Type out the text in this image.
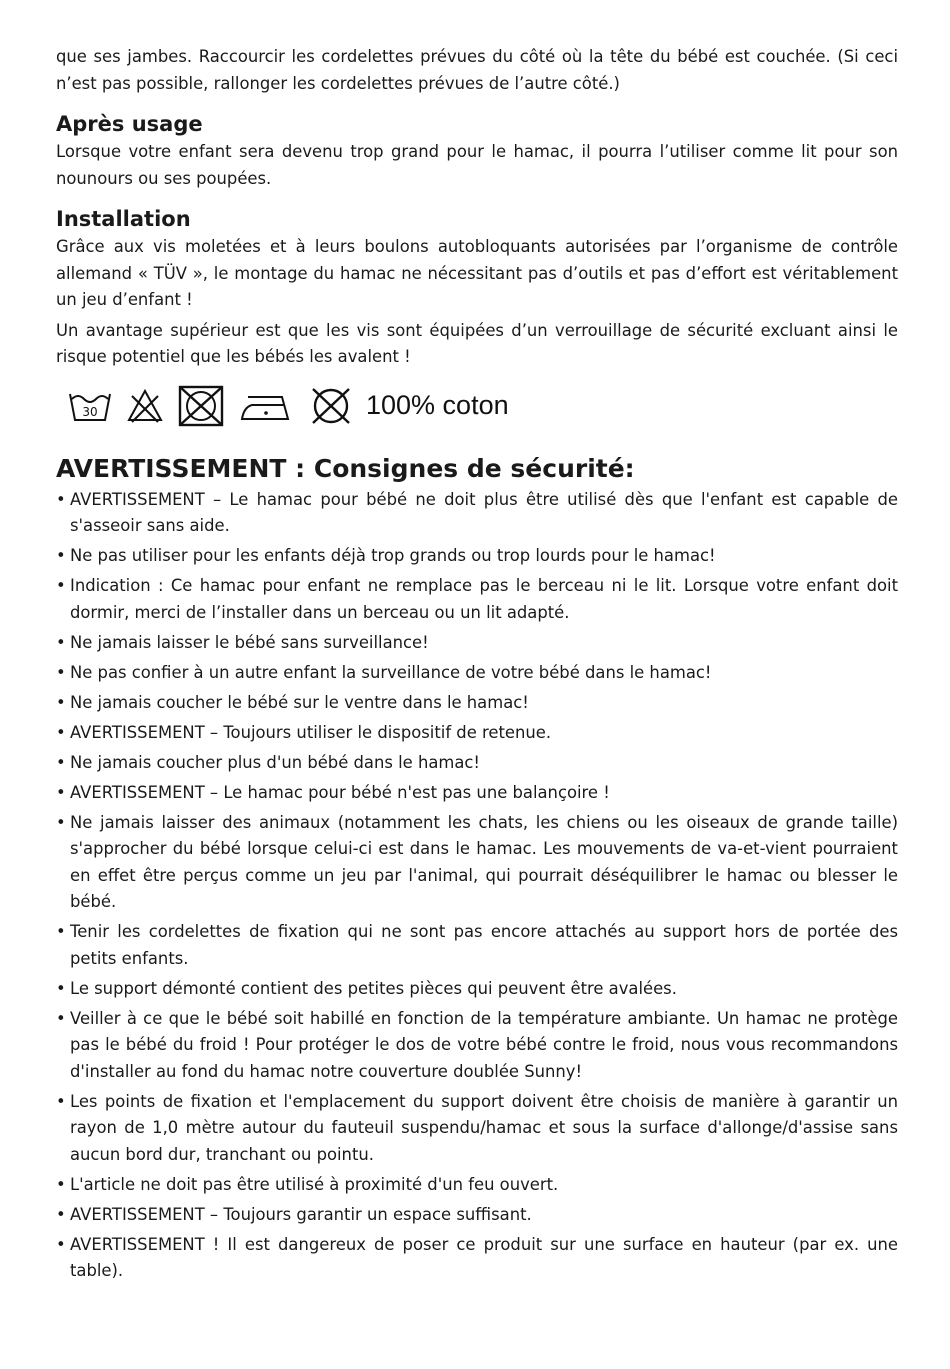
que ses jambes. Raccourcir les cordelettes prévues du côté où la tête du bébé est couchée. (Si ceci n’est pas possible, rallonger les cordelettes prévues de l’autre côté.)

Après usage

Lorsque votre enfant sera devenu trop grand pour le hamac, il pourra l’utiliser comme lit pour son nounours ou ses poupées.

Installation

Grâce aux vis moletées et à leurs boulons autobloquants autorisées par l’organisme de contrôle allemand « TÜV », le montage du hamac ne nécessitant pas d’outils et pas d’effort est véritablement un jeu d’enfant !

Un avantage supérieur est que les vis sont équipées d’un verrouillage de sécurité excluant ainsi le risque potentiel que les bébés les avalent !

30	100% coton
AVERTISSEMENT : Consignes de sécurité:
• AVERTISSEMENT – Le hamac pour bébé ne doit plus être utilisé dès que l'enfant est capable de s'asseoir sans aide.
• Ne pas utiliser pour les enfants déjà trop grands ou trop lourds pour le hamac!
• Indication : Ce hamac pour enfant ne remplace pas le berceau ni le lit. Lorsque votre enfant doit dormir, merci de l’installer dans un berceau ou un lit adapté.
• Ne jamais laisser le bébé sans surveillance!
• Ne pas confier à un autre enfant la surveillance de votre bébé dans le hamac!
• Ne jamais coucher le bébé sur le ventre dans le hamac!
• AVERTISSEMENT – Toujours utiliser le dispositif de retenue.
• Ne jamais coucher plus d'un bébé dans le hamac!
• AVERTISSEMENT – Le hamac pour bébé n'est pas une balançoire !
• Ne jamais laisser des animaux (notamment les chats, les chiens ou les oiseaux de grande taille) s'approcher du bébé lorsque celui-ci est dans le hamac. Les mouvements de va-et-vient pourraient en effet être perçus comme un jeu par l'animal, qui pourrait déséquilibrer le hamac ou blesser le bébé.
• Tenir les cordelettes de fixation qui ne sont pas encore attachés au support hors de portée des petits enfants.
• Le support démonté contient des petites pièces qui peuvent être avalées.
• Veiller à ce que le bébé soit habillé en fonction de la température ambiante. Un hamac ne protège pas le bébé du froid ! Pour protéger le dos de votre bébé contre le froid, nous vous recommandons d'installer au fond du hamac notre couverture doublée Sunny!
• Les points de fixation et l'emplacement du support doivent être choisis de manière à garantir un rayon de 1,0 mètre autour du fauteuil suspendu/hamac et sous la surface d'allonge/d'assise sans aucun bord dur, tranchant ou pointu.
• L'article ne doit pas être utilisé à proximité d'un feu ouvert.
• AVERTISSEMENT – Toujours garantir un espace suffisant.
• AVERTISSEMENT ! Il est dangereux de poser ce produit sur une surface en hauteur (par ex. une table).
